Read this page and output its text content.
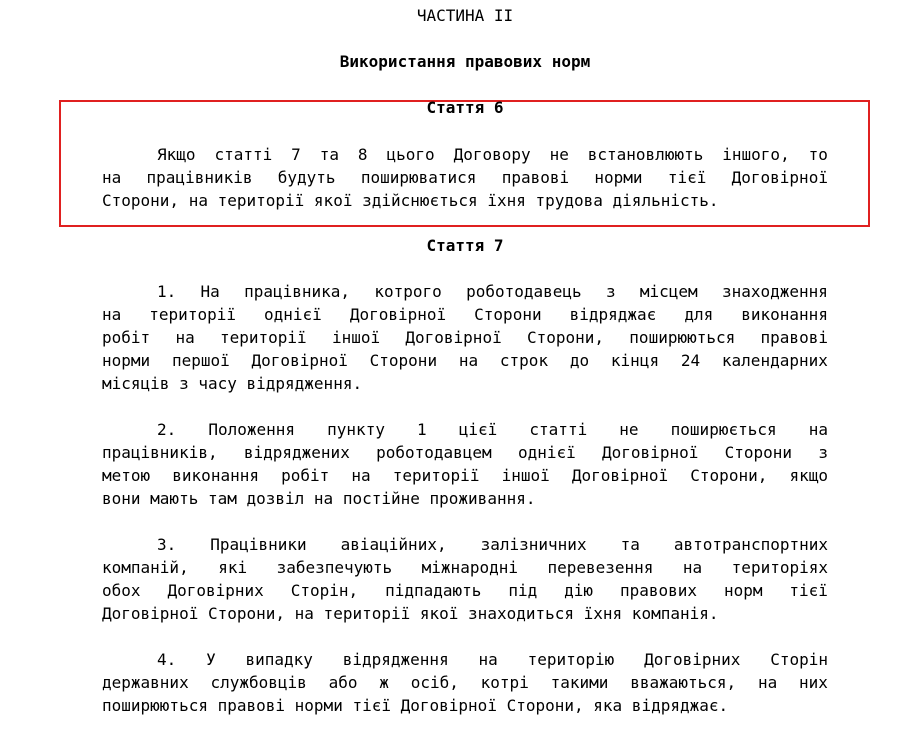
ЧАСТИНА II
Використання правових норм
Стаття 6
Якщо статті 7 та 8 цього Договору не встановлюють іншого, то
на працівників будуть поширюватися правові норми тієї Договірної
Сторони, на території якої здійснюється їхня трудова діяльність.
Стаття 7
1. На працівника, котрого роботодавець з місцем знаходження
на території однієї Договірної Сторони відряджає для виконання
робіт на території іншої Договірної Сторони, поширюються правові
норми першої Договірної Сторони на строк до кінця 24 календарних
місяців з часу відрядження.
2. Положення пункту 1 цієї статті не поширюється на
працівників, відряджених роботодавцем однієї Договірної Сторони з
метою виконання робіт на території іншої Договірної Сторони, якщо
вони мають там дозвіл на постійне проживання.
3. Працівники авіаційних, залізничних та автотранспортних
компаній, які забезпечують міжнародні перевезення на територіях
обох Договірних Сторін, підпадають під дію правових норм тієї
Договірної Сторони, на території якої знаходиться їхня компанія.
4. У випадку відрядження на територію Договірних Сторін
державних службовців або ж осіб, котрі такими вважаються, на них
поширюються правові норми тієї Договірної Сторони, яка відряджає.
